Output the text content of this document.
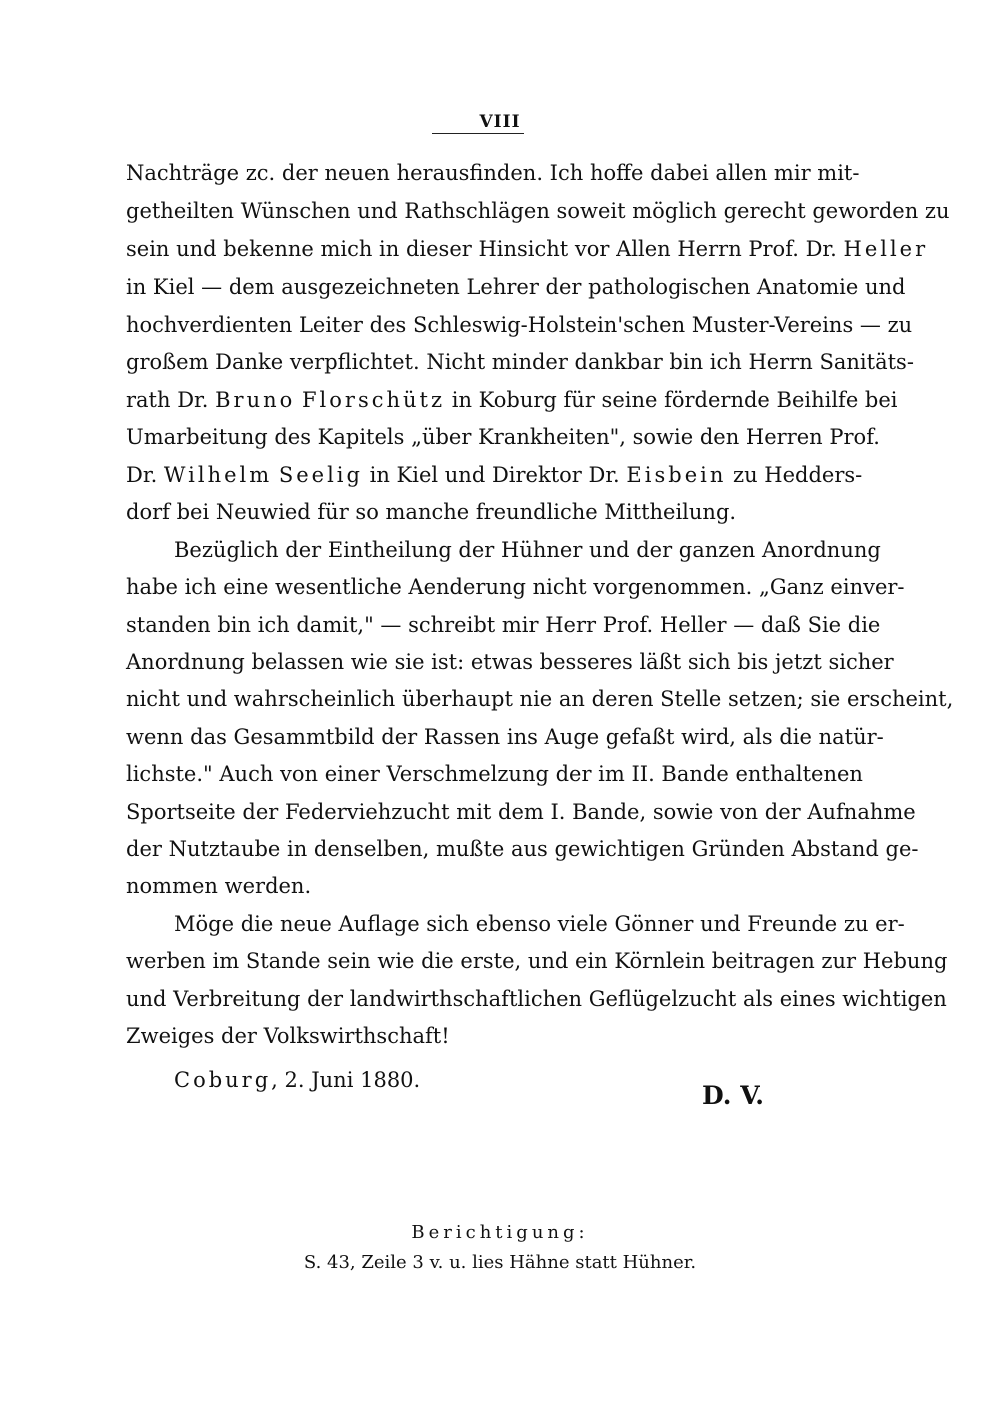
VIII
Nachträge zc. der neuen herausfinden. Ich hoffe dabei allen mir mit-
getheilten Wünschen und Rathschlägen soweit möglich gerecht geworden zu
sein und bekenne mich in dieser Hinsicht vor Allen Herrn Prof. Dr. Heller
in Kiel — dem ausgezeichneten Lehrer der pathologischen Anatomie und
hochverdienten Leiter des Schleswig-Holstein'schen Muster-Vereins — zu
großem Danke verpflichtet. Nicht minder dankbar bin ich Herrn Sanitäts-
rath Dr. Bruno Florschütz in Koburg für seine fördernde Beihilfe bei
Umarbeitung des Kapitels „über Krankheiten", sowie den Herren Prof.
Dr. Wilhelm Seelig in Kiel und Direktor Dr. Eisbein zu Hedders-
dorf bei Neuwied für so manche freundliche Mittheilung.
Bezüglich der Eintheilung der Hühner und der ganzen Anordnung
habe ich eine wesentliche Aenderung nicht vorgenommen. „Ganz einver-
standen bin ich damit," — schreibt mir Herr Prof. Heller — daß Sie die
Anordnung belassen wie sie ist: etwas besseres läßt sich bis jetzt sicher
nicht und wahrscheinlich überhaupt nie an deren Stelle setzen; sie erscheint,
wenn das Gesammtbild der Rassen ins Auge gefaßt wird, als die natür-
lichste." Auch von einer Verschmelzung der im II. Bande enthaltenen
Sportseite der Federviehzucht mit dem I. Bande, sowie von der Aufnahme
der Nutztaube in denselben, mußte aus gewichtigen Gründen Abstand ge-
nommen werden.
Möge die neue Auflage sich ebenso viele Gönner und Freunde zu er-
werben im Stande sein wie die erste, und ein Körnlein beitragen zur Hebung
und Verbreitung der landwirthschaftlichen Geflügelzucht als eines wichtigen
Zweiges der Volkswirthschaft!
Coburg, 2. Juni 1880.
D. V.
Berichtigung:
S. 43, Zeile 3 v. u. lies Hähne statt Hühner.
